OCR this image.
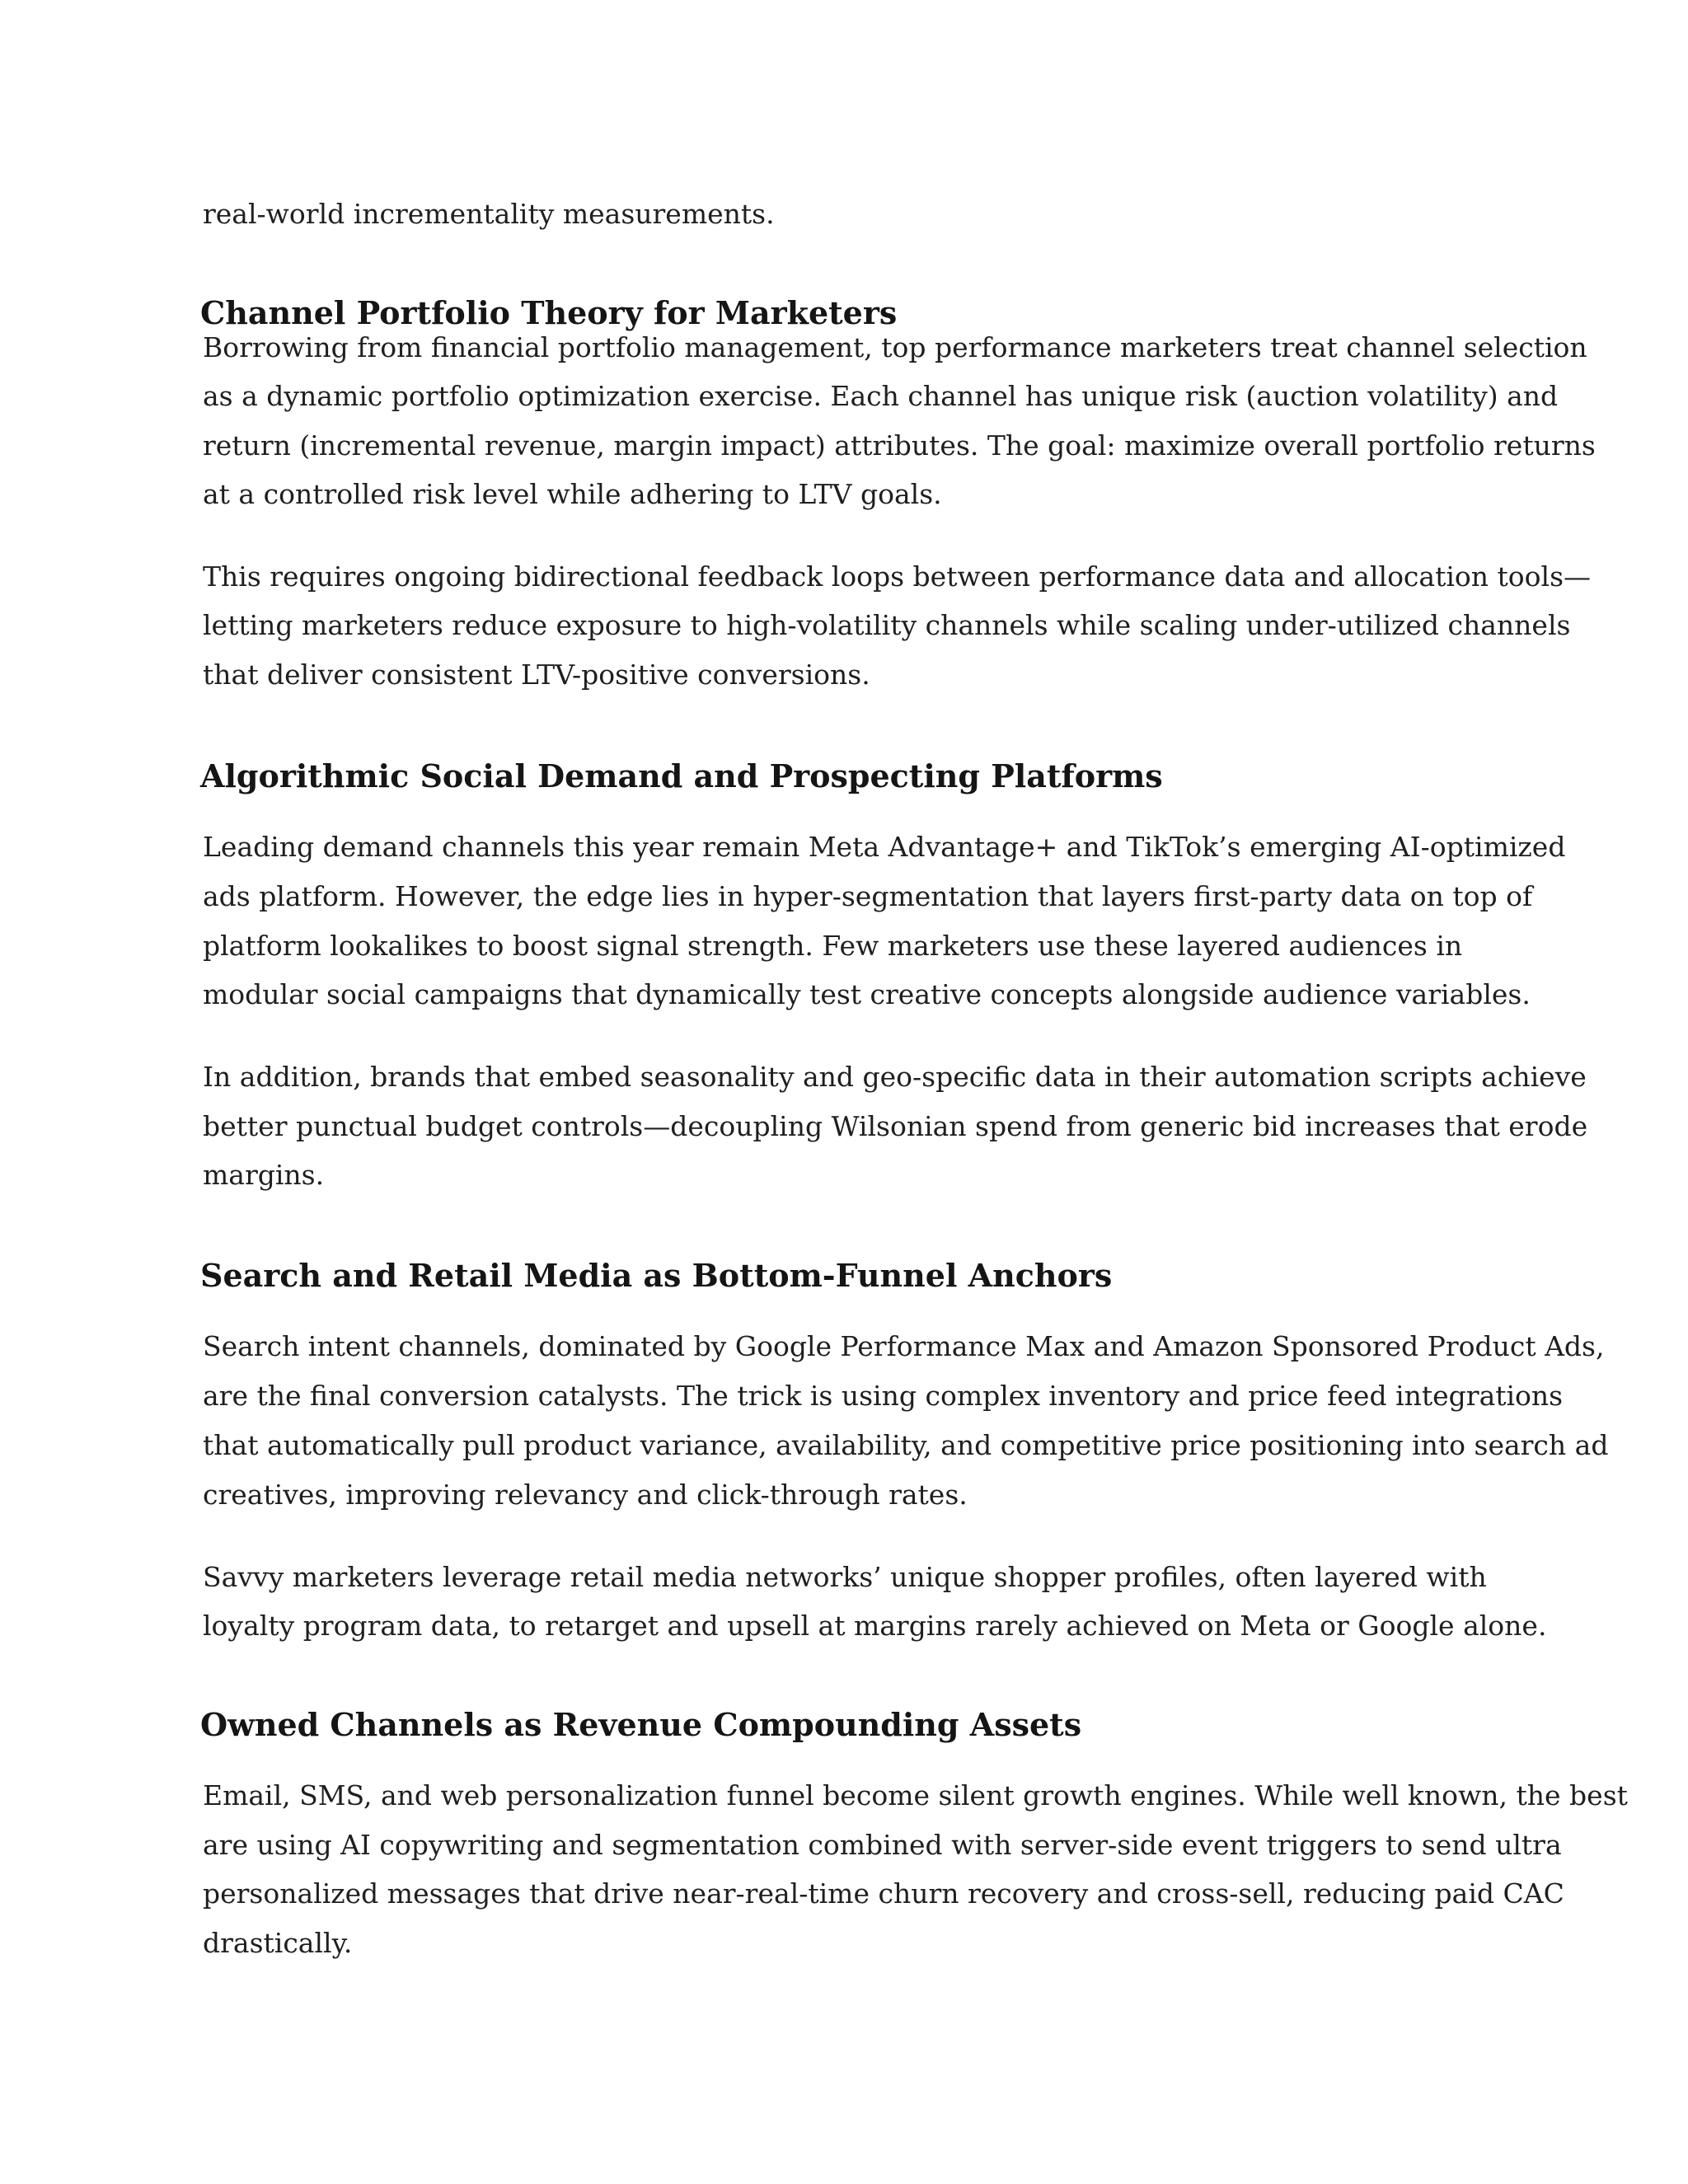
real-world incrementality measurements.
Channel Portfolio Theory for Marketers
Borrowing from financial portfolio management, top performance marketers treat channel selection
as a dynamic portfolio optimization exercise. Each channel has unique risk (auction volatility) and
return (incremental revenue, margin impact) attributes. The goal: maximize overall portfolio returns
at a controlled risk level while adhering to LTV goals.
This requires ongoing bidirectional feedback loops between performance data and allocation tools—
letting marketers reduce exposure to high-volatility channels while scaling under-utilized channels
that deliver consistent LTV-positive conversions.
Algorithmic Social Demand and Prospecting Platforms
Leading demand channels this year remain Meta Advantage+ and TikTok’s emerging AI-optimized
ads platform. However, the edge lies in hyper-segmentation that layers first-party data on top of
platform lookalikes to boost signal strength. Few marketers use these layered audiences in
modular social campaigns that dynamically test creative concepts alongside audience variables.
In addition, brands that embed seasonality and geo-specific data in their automation scripts achieve
better punctual budget controls—decoupling Wilsonian spend from generic bid increases that erode
margins.
Search and Retail Media as Bottom-Funnel Anchors
Search intent channels, dominated by Google Performance Max and Amazon Sponsored Product Ads,
are the final conversion catalysts. The trick is using complex inventory and price feed integrations
that automatically pull product variance, availability, and competitive price positioning into search ad
creatives, improving relevancy and click-through rates.
Savvy marketers leverage retail media networks’ unique shopper profiles, often layered with
loyalty program data, to retarget and upsell at margins rarely achieved on Meta or Google alone.
Owned Channels as Revenue Compounding Assets
Email, SMS, and web personalization funnel become silent growth engines. While well known, the best
are using AI copywriting and segmentation combined with server-side event triggers to send ultra
personalized messages that drive near-real-time churn recovery and cross-sell, reducing paid CAC
drastically.
